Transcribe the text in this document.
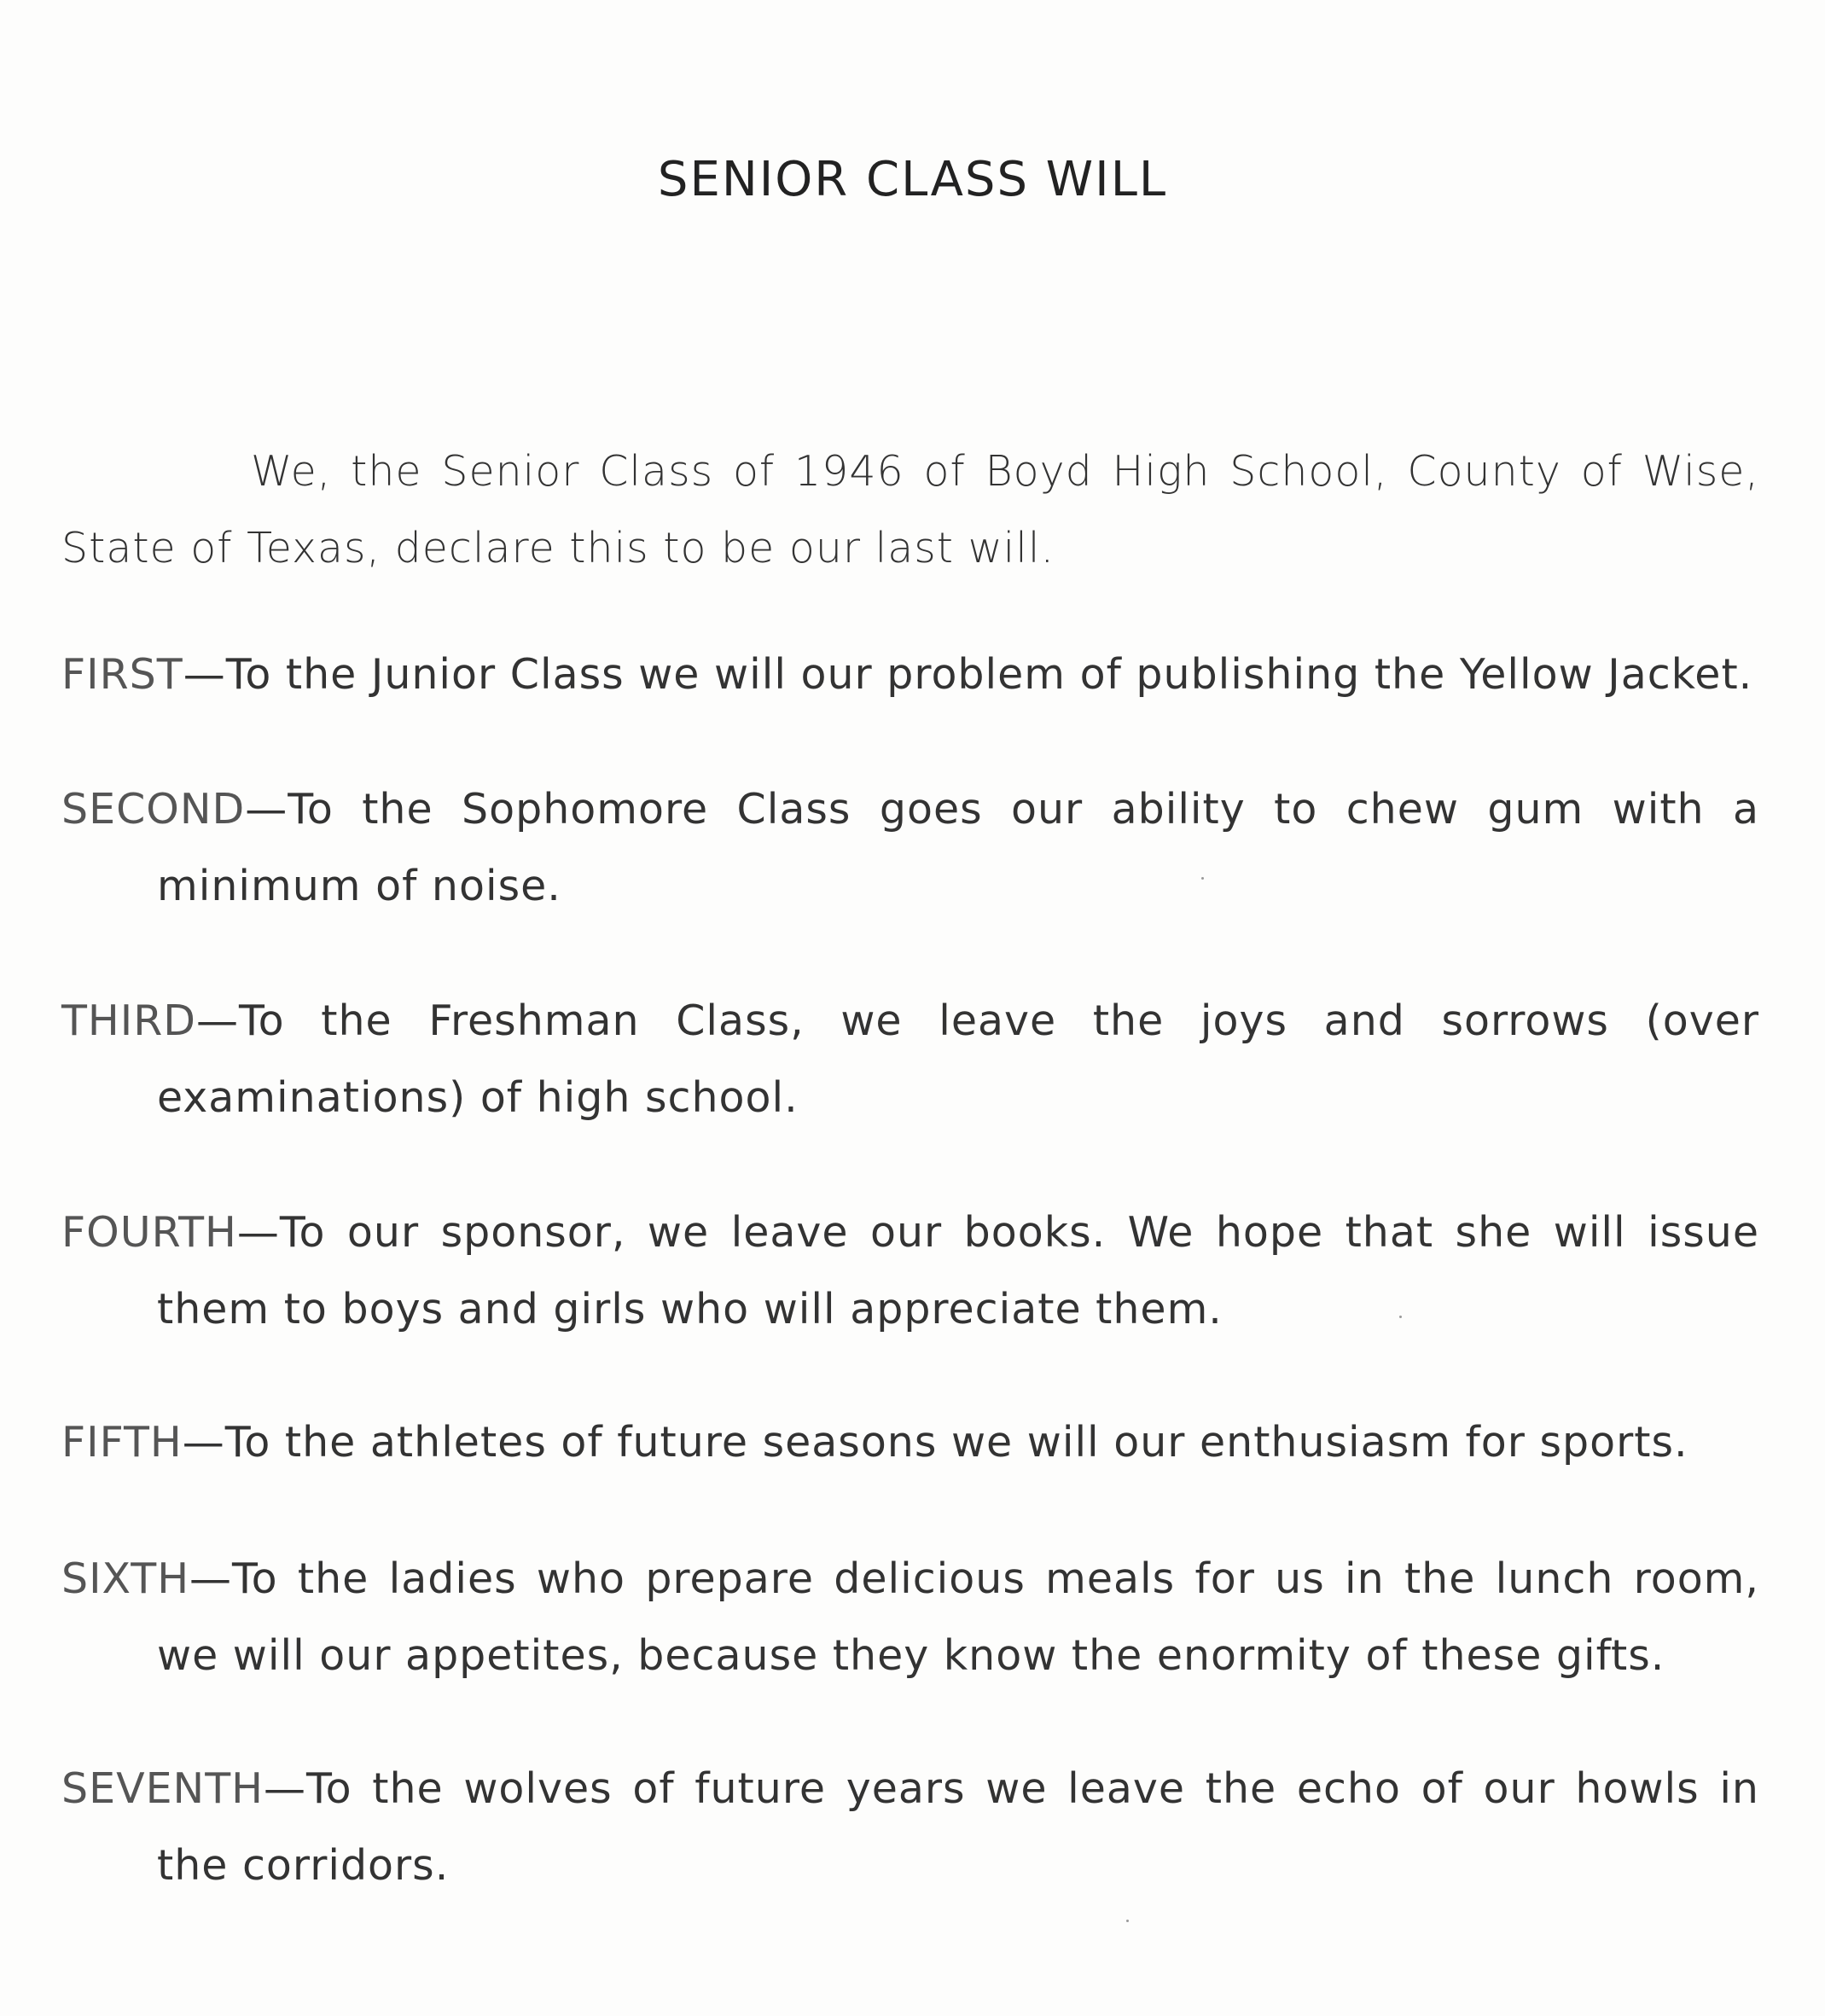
SENIOR CLASS WILL

We, the Senior Class of 1946 of Boyd High School, County of Wise, State of Texas, declare this to be our last will.

FIRST—To the Junior Class we will our problem of publishing the Yellow Jacket.

SECOND—To the Sophomore Class goes our ability to chew gum with a minimum of noise.

THIRD—To the Freshman Class, we leave the joys and sorrows (over examinations) of high school.

FOURTH—To our sponsor, we leave our books. We hope that she will issue them to boys and girls who will appreciate them.

FIFTH—To the athletes of future seasons we will our enthusiasm for sports.

SIXTH—To the ladies who prepare delicious meals for us in the lunch room, we will our appetites, because they know the enormity of these gifts.

SEVENTH—To the wolves of future years we leave the echo of our howls in the corridors.
